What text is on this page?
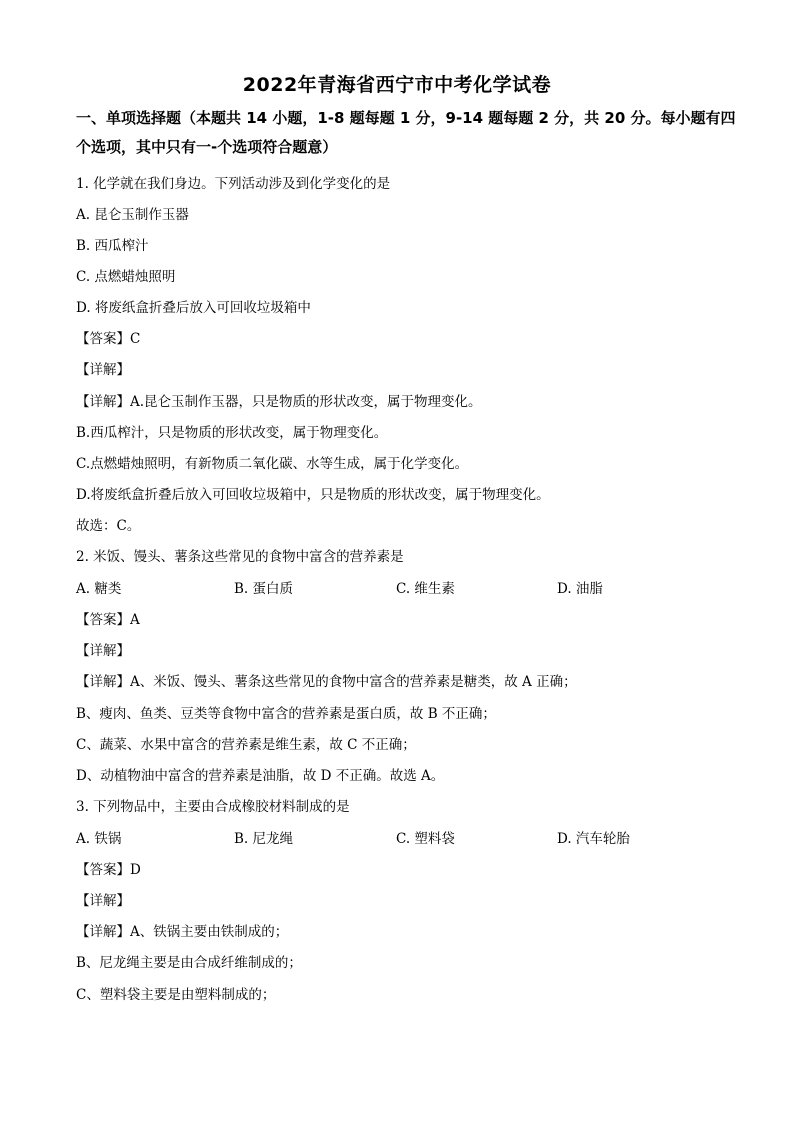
2022年青海省西宁市中考化学试卷
一、单项选择题（本题共 14 小题，1-8 题每题 1 分，9-14 题每题 2 分，共 20 分。每小题有四
个选项，其中只有一-个选项符合题意）
1. 化学就在我们身边。下列活动涉及到化学变化的是
A. 昆仑玉制作玉器
B. 西瓜榨汁
C. 点燃蜡烛照明
D. 将废纸盒折叠后放入可回收垃圾箱中
【答案】C
【详解】
【详解】A.昆仑玉制作玉器，只是物质的形状改变，属于物理变化。
B.西瓜榨汁，只是物质的形状改变，属于物理变化。
C.点燃蜡烛照明，有新物质二氧化碳、水等生成，属于化学变化。
D.将废纸盒折叠后放入可回收垃圾箱中，只是物质的形状改变，属于物理变化。
故选：C。
2. 米饭、馒头、薯条这些常见的食物中富含的营养素是
A. 糖类	B. 蛋白质	C. 维生素	D. 油脂
【答案】A
【详解】
【详解】A、米饭、馒头、薯条这些常见的食物中富含的营养素是糖类，故 A 正确；
B、瘦肉、鱼类、豆类等食物中富含的营养素是蛋白质，故 B 不正确；
C、蔬菜、水果中富含的营养素是维生素，故 C 不正确；
D、动植物油中富含的营养素是油脂，故 D 不正确。故选 A。
3. 下列物品中，主要由合成橡胶材料制成的是
A. 铁锅	B. 尼龙绳	C. 塑料袋	D. 汽车轮胎
【答案】D
【详解】
【详解】A、铁锅主要由铁制成的；
B、尼龙绳主要是由合成纤维制成的；
C、塑料袋主要是由塑料制成的；
